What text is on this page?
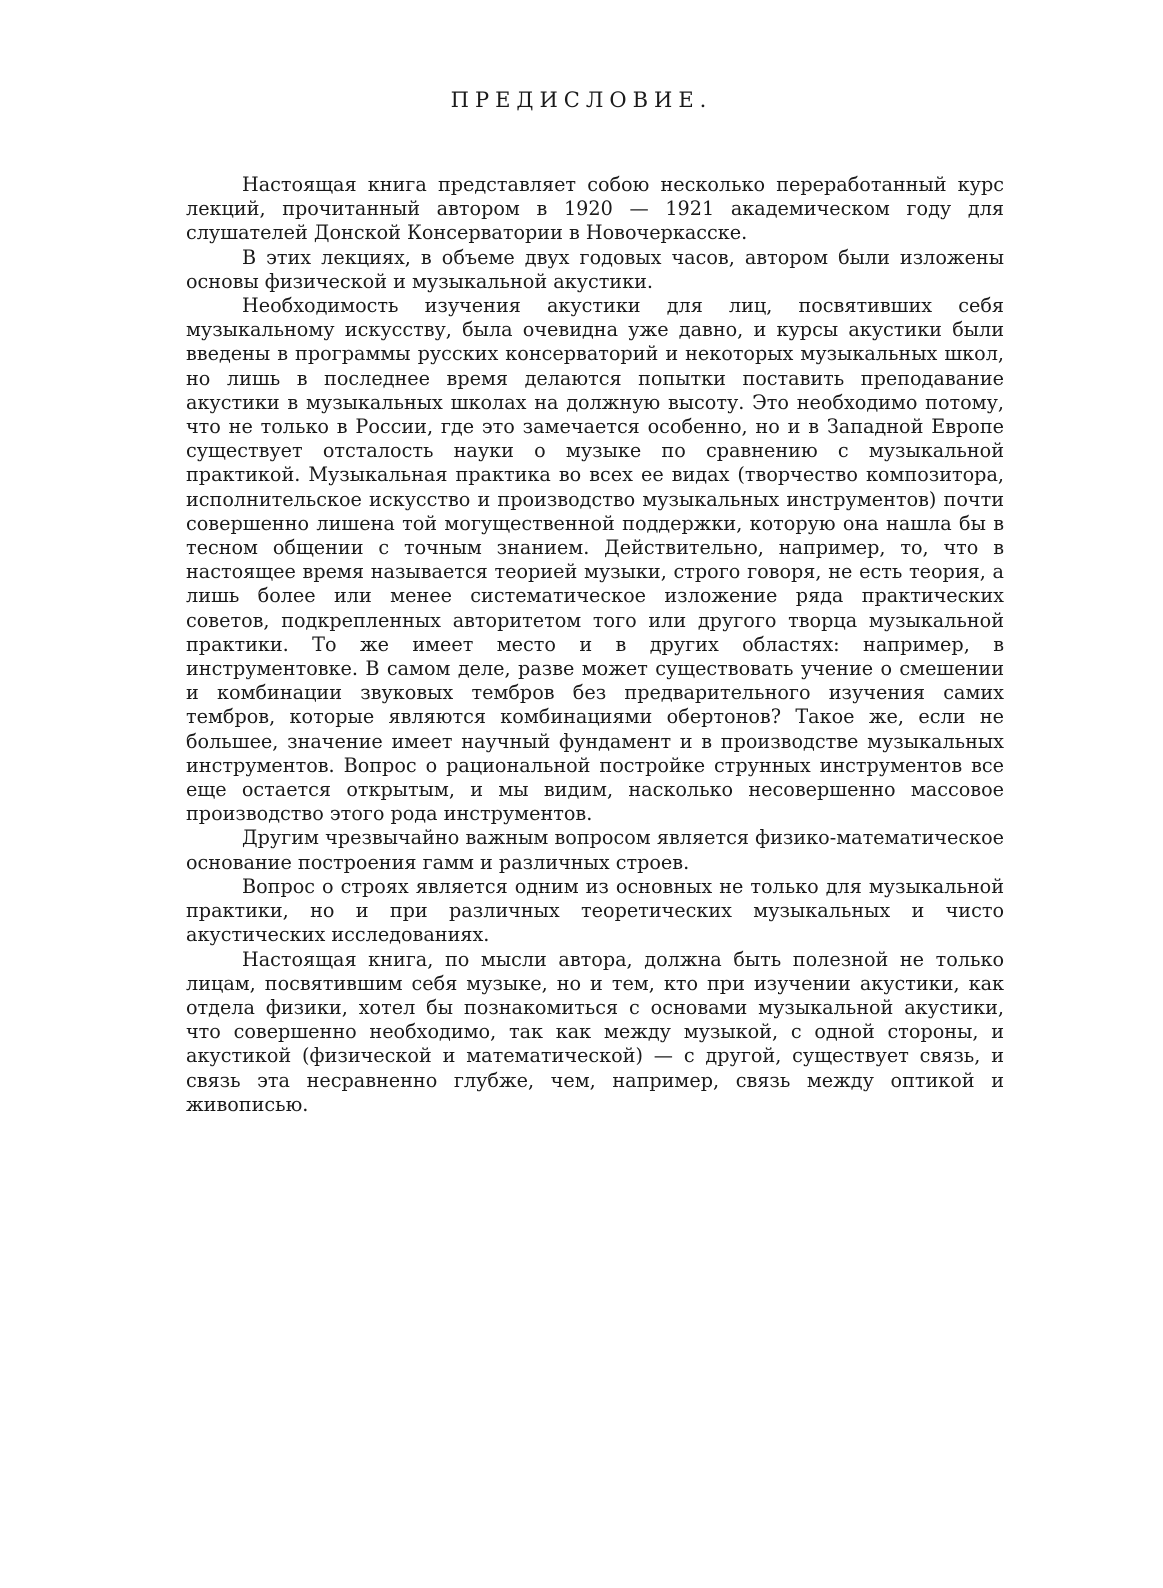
ПРЕДИСЛОВИЕ.

Настоящая книга представляет собою несколько переработанный курс лекций, прочитанный автором в 1920 — 1921 академическом году для слушателей Донской Консерватории в Новочеркасске.

В этих лекциях, в объеме двух годовых часов, автором были изложены основы физической и музыкальной акустики.

Необходимость изучения акустики для лиц, посвятивших себя музыкальному искусству, была очевидна уже давно, и курсы акустики были введены в программы русских консерваторий и некоторых музыкальных школ, но лишь в последнее время делаются попытки поставить преподавание акустики в музыкальных школах на должную высоту. Это необходимо потому, что не только в России, где это замечается особенно, но и в Западной Европе существует отсталость науки о музыке по сравнению с музыкальной практикой. Музыкальная практика во всех ее видах (творчество композитора, исполнительское искусство и производство музыкальных инструментов) почти совершенно лишена той могущественной поддержки, которую она нашла бы в тесном общении с точным знанием. Действительно, например, то, что в настоящее время называется теорией музыки, строго говоря, не есть теория, а лишь более или менее систематическое изложение ряда практических советов, подкрепленных авторитетом того или другого творца музыкальной практики. То же имеет место и в других областях: например, в инструментовке. В самом деле, разве может существовать учение о смешении и комбинации звуковых тембров без предварительного изучения самих тембров, которые являются комбинациями обертонов? Такое же, если не большее, значение имеет научный фундамент и в производстве музыкальных инструментов. Вопрос о рациональной постройке струнных инструментов все еще остается открытым, и мы видим, насколько несовершенно массовое производство этого рода инструментов.

Другим чрезвычайно важным вопросом является физико-математическое основание построения гамм и различных строев.

Вопрос о строях является одним из основных не только для музыкальной практики, но и при различных теоретических музыкальных и чисто акустических исследованиях.

Настоящая книга, по мысли автора, должна быть полезной не только лицам, посвятившим себя музыке, но и тем, кто при изучении акустики, как отдела физики, хотел бы познакомиться с основами музыкальной акустики, что совершенно необходимо, так как между музыкой, с одной стороны, и акустикой (физической и математической) — с другой, существует связь, и связь эта несравненно глубже, чем, например, связь между оптикой и живописью.
